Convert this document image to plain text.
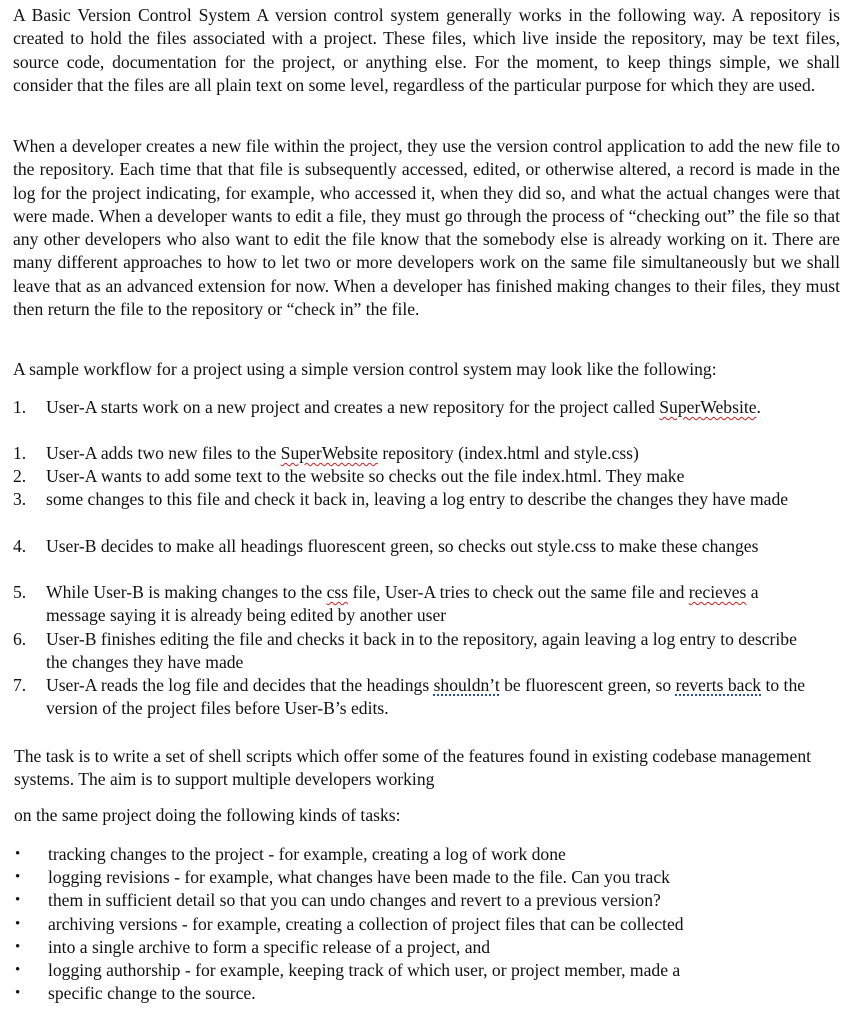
A Basic Version Control System A version control system generally works in the following way. A repository is created to hold the files associated with a project. These files, which live inside the repository, may be text files, source code, documentation for the project, or anything else. For the moment, to keep things simple, we shall consider that the files are all plain text on some level, regardless of the particular purpose for which they are used.

When a developer creates a new file within the project, they use the version control application to add the new file to the repository. Each time that that file is subsequently accessed, edited, or otherwise altered, a record is made in the log for the project indicating, for example, who accessed it, when they did so, and what the actual changes were that were made. When a developer wants to edit a file, they must go through the process of “checking out” the file so that any other developers who also want to edit the file know that the somebody else is already working on it. There are many different approaches to how to let two or more developers work on the same file simultaneously but we shall leave that as an advanced extension for now. When a developer has finished making changes to their files, they must then return the file to the repository or “check in” the file.

A sample workflow for a project using a simple version control system may look like the following:

1.	User-A starts work on a new project and creates a new repository for the project called SuperWebsite.
1.	User-A adds two new files to the SuperWebsite repository (index.html and style.css)
2.	User-A wants to add some text to the website so checks out the file index.html. They make
3.	some changes to this file and check it back in, leaving a log entry to describe the changes they have made
4.	User-B decides to make all headings fluorescent green, so checks out style.css to make these changes
5.	While User-B is making changes to the css file, User-A tries to check out the same file and recieves a message saying it is already being edited by another user
6.	User-B finishes editing the file and checks it back in to the repository, again leaving a log entry to describe the changes they have made
7.	User-A reads the log file and decides that the headings shouldn’t be fluorescent green, so reverts back to the version of the project files before User-B’s edits.

The task is to write a set of shell scripts which offer some of the features found in existing codebase management systems. The aim is to support multiple developers working

on the same project doing the following kinds of tasks:

•	tracking changes to the project - for example, creating a log of work done
•	logging revisions - for example, what changes have been made to the file. Can you track
•	them in sufficient detail so that you can undo changes and revert to a previous version?
•	archiving versions - for example, creating a collection of project files that can be collected
•	into a single archive to form a specific release of a project, and
•	logging authorship - for example, keeping track of which user, or project member, made a
•	specific change to the source.
